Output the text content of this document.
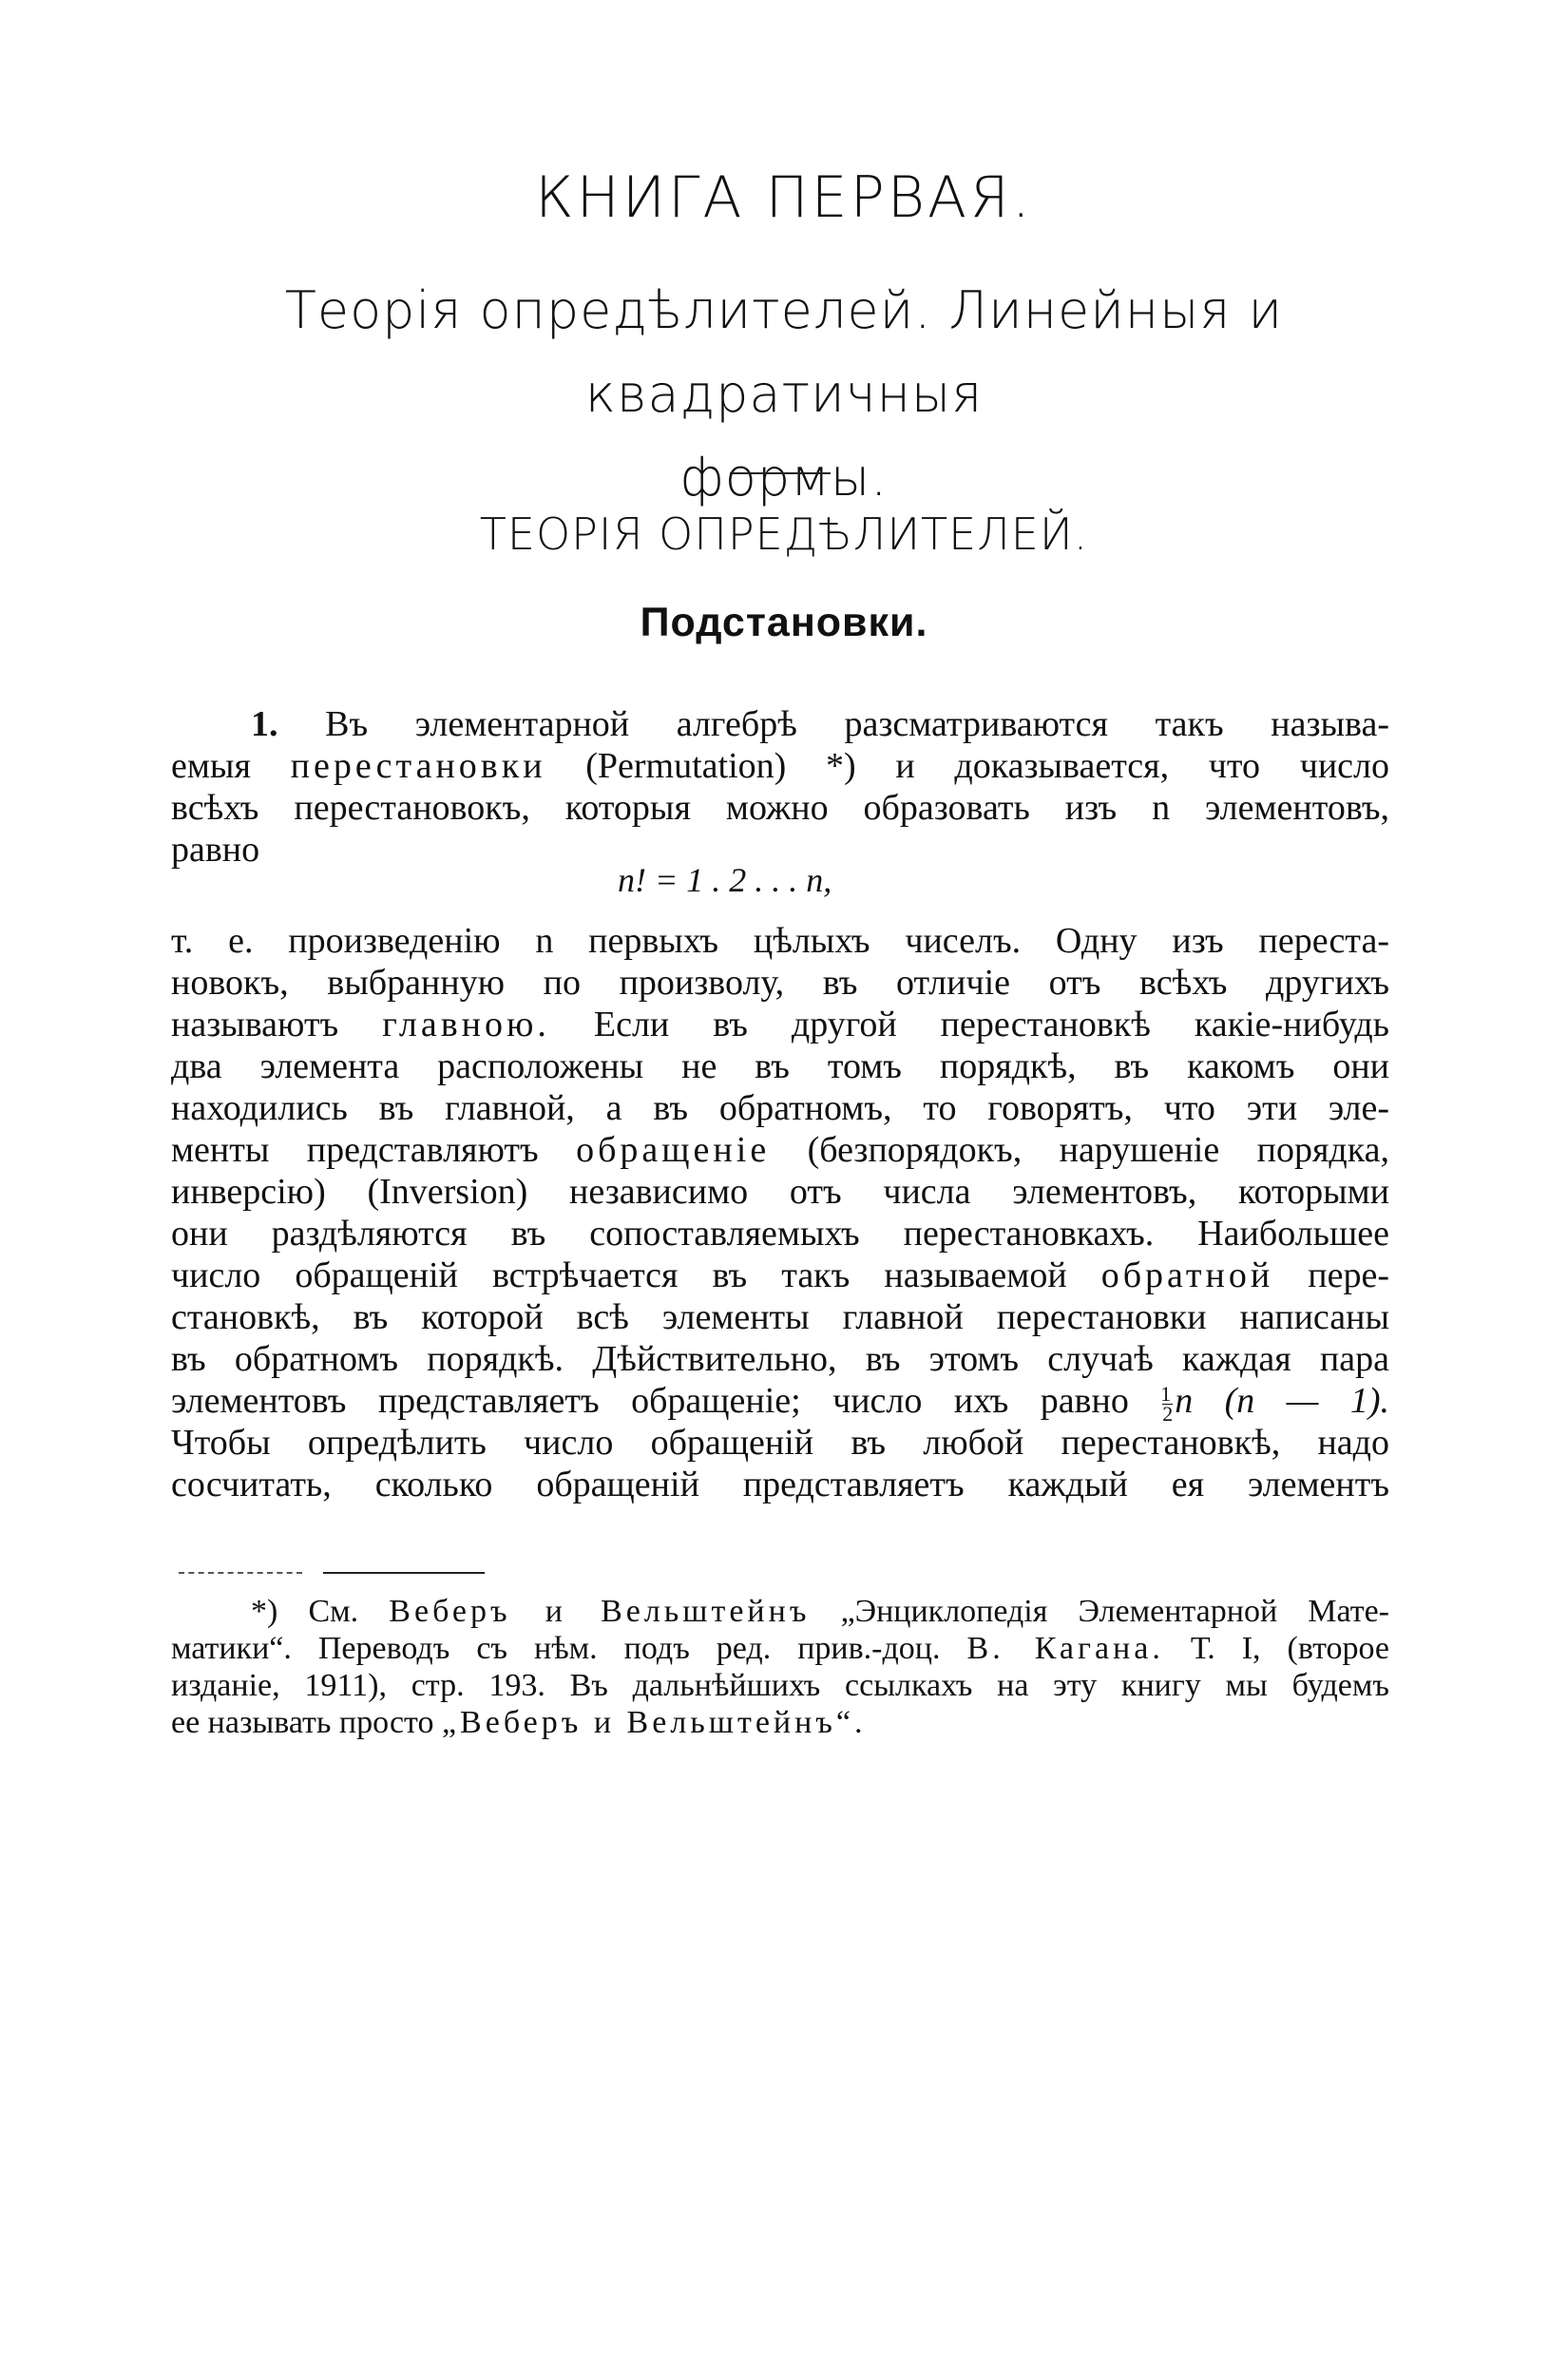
КНИГА ПЕРВАЯ.
Теорія опредѣлителей. Линейныя и квадратичныя
формы.
ТЕОРІЯ ОПРЕДѢЛИТЕЛЕЙ.
Подстановки.
1. Въ элементарной алгебрѣ разсматриваются такъ называ-
емыя перестановки (Permutation) *) и доказывается, что число
всѣхъ перестановокъ, которыя можно образовать изъ n элементовъ,
равно
n! = 1 . 2 . . . n,
т. е. произведенію n первыхъ цѣлыхъ чиселъ. Одну изъ переста-
новокъ, выбранную по произволу, въ отличіе отъ всѣхъ другихъ
называютъ главною. Если въ другой перестановкѣ какіе-нибудь
два элемента расположены не въ томъ порядкѣ, въ какомъ они
находились въ главной, а въ обратномъ, то говорятъ, что эти эле-
менты представляютъ обращеніе (безпорядокъ, нарушеніе порядка,
инверсію) (Inversion) независимо отъ числа элементовъ, которыми
они раздѣляются въ сопоставляемыхъ перестановкахъ. Наибольшее
число обращеній встрѣчается въ такъ называемой обратной пере-
становкѣ, въ которой всѣ элементы главной перестановки написаны
въ обратномъ порядкѣ. Дѣйствительно, въ этомъ случаѣ каждая пара
элементовъ представляетъ обращеніе; число ихъ равно $\frac{1}{2}$ n (n — 1).
Чтобы опредѣлить число обращеній въ любой перестановкѣ, надо
сосчитать, сколько обращеній представляетъ каждый ея элементъ
*) См. Веберъ и Вельштейнъ „Энциклопедія Элементарной Мате-
матики“. Переводъ съ нѣм. подъ ред. прив.-доц. В. Кагана. Т. I, (второе
изданіе, 1911), стр. 193. Въ дальнѣйшихъ ссылкахъ на эту книгу мы будемъ
ее называть просто „Веберъ и Вельштейнъ“.
